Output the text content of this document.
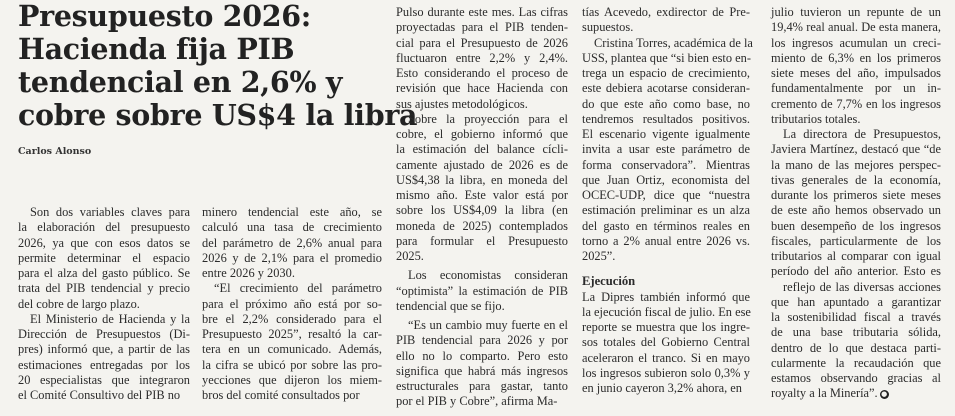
Presupuesto 2026:
Hacienda fija PIB
tendencial en 2,6% y
cobre sobre US$4 la libra
Carlos Alonso
Son dos variables claves para
la elaboración del presupuesto
2026, ya que con esos datos se
permite determinar el espacio
para el alza del gasto público. Se
trata del PIB tendencial y precio
del cobre de largo plazo.
El Ministerio de Hacienda y la
Dirección de Presupuestos (Di-
pres) informó que, a partir de las
estimaciones entregadas por los
20 especialistas que integraron
el Comité Consultivo del PIB no
minero tendencial este año, se
calculó una tasa de crecimiento
del parámetro de 2,6% anual para
2026 y de 2,1% para el promedio
entre 2026 y 2030.
“El crecimiento del parámetro
para el próximo año está por so-
bre el 2,2% considerado para el
Presupuesto 2025”, resaltó la car-
tera en un comunicado. Además,
la cifra se ubicó por sobre las pro-
yecciones que dijeron los miem-
bros del comité consultados por
Pulso durante este mes. Las cifras
proyectadas para el PIB tenden-
cial para el Presupuesto de 2026
fluctuaron entre 2,2% y 2,4%.
Esto considerando el proceso de
revisión que hace Hacienda con
sus ajustes metodológicos.
Sobre la proyección para el
cobre, el gobierno informó que
la estimación del balance cícli-
camente ajustado de 2026 es de
US$4,38 la libra, en moneda del
mismo año. Este valor está por
sobre los US$4,09 la libra (en
moneda de 2025) contemplados
para formular el Presupuesto
2025.
Los economistas consideran
“optimista” la estimación de PIB
tendencial que se fijo.
“Es un cambio muy fuerte en el
PIB tendencial para 2026 y por
ello no lo comparto. Pero esto
significa que habrá más ingresos
estructurales para gastar, tanto
por el PIB y Cobre”, afirma Ma-
tías Acevedo, exdirector de Pre-
supuestos.
Cristina Torres, académica de la
USS, plantea que “si bien esto en-
trega un espacio de crecimiento,
este debiera acotarse consideran-
do que este año como base, no
tendremos resultados positivos.
El escenario vigente igualmente
invita a usar este parámetro de
forma conservadora”. Mientras
que Juan Ortiz, economista del
OCEC-UDP, dice que “nuestra
estimación preliminar es un alza
del gasto en términos reales en
torno a 2% anual entre 2026 vs.
2025”.
Ejecución
La Dipres también informó que
la ejecución fiscal de julio. En ese
reporte se muestra que los ingre-
sos totales del Gobierno Central
aceleraron el tranco. Si en mayo
los ingresos subieron solo 0,3% y
en junio cayeron 3,2% ahora, en
julio tuvieron un repunte de un
19,4% real anual. De esta manera,
los ingresos acumulan un creci-
miento de 6,3% en los primeros
siete meses del año, impulsados
fundamentalmente por un in-
cremento de 7,7% en los ingresos
tributarios totales.
La directora de Presupuestos,
Javiera Martínez, destacó que “de
la mano de las mejores perspec-
tivas generales de la economía,
durante los primeros siete meses
de este año hemos observado un
buen desempeño de los ingresos
fiscales, particularmente de los
tributarios al comparar con igual
período del año anterior. Esto es
reflejo de las diversas acciones
que han apuntado a garantizar
la sostenibilidad fiscal a través
de una base tributaria sólida,
dentro de lo que destaca parti-
cularmente la recaudación que
estamos observando gracias al
royalty a la Minería”. ●
